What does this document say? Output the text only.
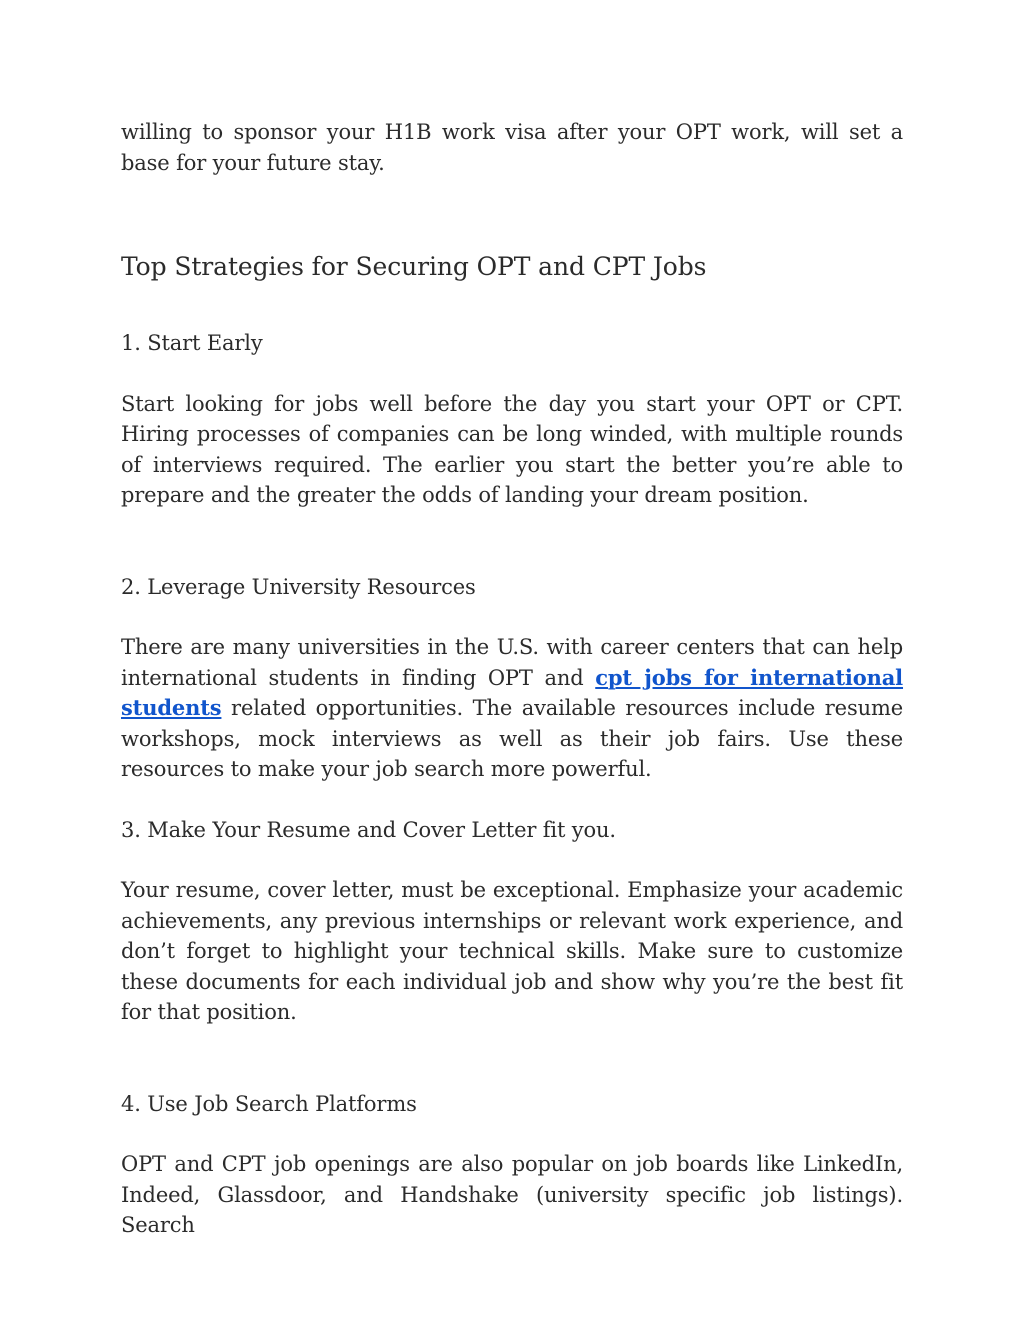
willing to sponsor your H1B work visa after your OPT work, will set a base for your future stay.

Top Strategies for Securing OPT and CPT Jobs
1. Start Early

Start looking for jobs well before the day you start your OPT or CPT. Hiring processes of companies can be long winded, with multiple rounds of interviews required. The earlier you start the better you’re able to prepare and the greater the odds of landing your dream position.

2. Leverage University Resources

There are many universities in the U.S. with career centers that can help international students in finding OPT and cpt jobs for international students related opportunities. The available resources include resume workshops, mock interviews as well as their job fairs. Use these resources to make your job search more powerful.

3. Make Your Resume and Cover Letter fit you.

Your resume, cover letter, must be exceptional. Emphasize your academic achievements, any previous internships or relevant work experience, and don’t forget to highlight your technical skills. Make sure to customize these documents for each individual job and show why you’re the best fit for that position.

4. Use Job Search Platforms

OPT and CPT job openings are also popular on job boards like LinkedIn, Indeed, Glassdoor, and Handshake (university specific job listings). Search
